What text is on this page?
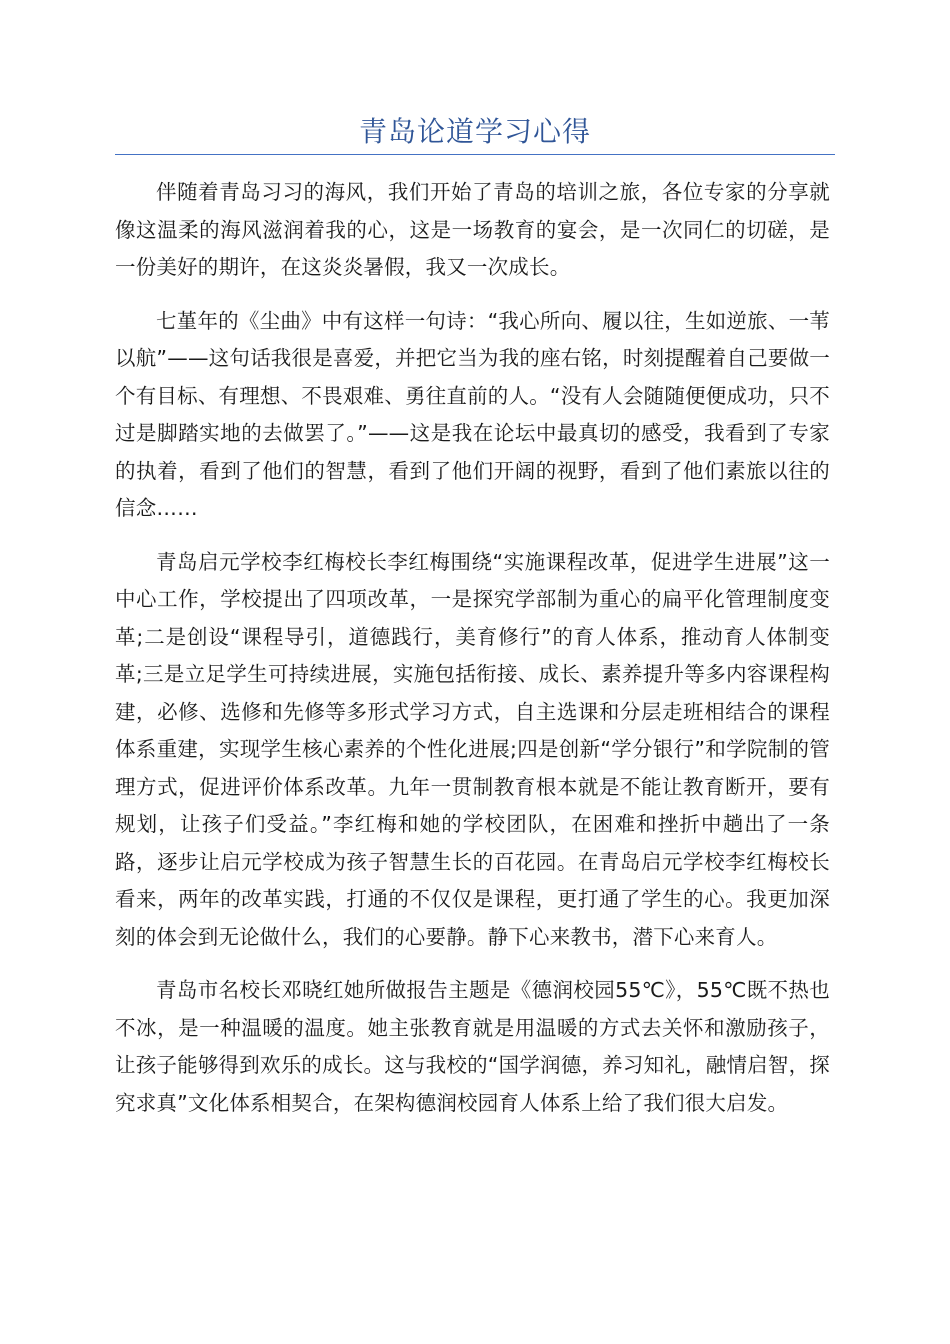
青岛论道学习心得

伴随着青岛习习的海风，我们开始了青岛的培训之旅，各位专家的分享就像这温柔的海风滋润着我的心，这是一场教育的宴会，是一次同仁的切磋，是一份美好的期许，在这炎炎暑假，我又一次成长。

七堇年的《尘曲》中有这样一句诗：“我心所向、履以往，生如逆旅、一苇以航”——这句话我很是喜爱，并把它当为我的座右铭，时刻提醒着自己要做一个有目标、有理想、不畏艰难、勇往直前的人。“没有人会随随便便成功，只不过是脚踏实地的去做罢了。”——这是我在论坛中最真切的感受，我看到了专家的执着，看到了他们的智慧，看到了他们开阔的视野，看到了他们素旅以往的信念……

青岛启元学校李红梅校长李红梅围绕“实施课程改革，促进学生进展”这一中心工作，学校提出了四项改革，一是探究学部制为重心的扁平化管理制度变革;二是创设“课程导引，道德践行，美育修行”的育人体系，推动育人体制变革;三是立足学生可持续进展，实施包括衔接、成长、素养提升等多内容课程构建，必修、选修和先修等多形式学习方式，自主选课和分层走班相结合的课程体系重建，实现学生核心素养的个性化进展;四是创新“学分银行”和学院制的管理方式，促进评价体系改革。九年一贯制教育根本就是不能让教育断开，要有规划，让孩子们受益。”李红梅和她的学校团队，在困难和挫折中趟出了一条路，逐步让启元学校成为孩子智慧生长的百花园。在青岛启元学校李红梅校长看来，两年的改革实践，打通的不仅仅是课程，更打通了学生的心。我更加深刻的体会到无论做什么，我们的心要静。静下心来教书，潜下心来育人。

青岛市名校长邓晓红她所做报告主题是《德润校园55℃》，55℃既不热也不冰，是一种温暖的温度。她主张教育就是用温暖的方式去关怀和激励孩子，让孩子能够得到欢乐的成长。这与我校的“国学润德，养习知礼，融情启智，探究求真”文化体系相契合，在架构德润校园育人体系上给了我们很大启发。
